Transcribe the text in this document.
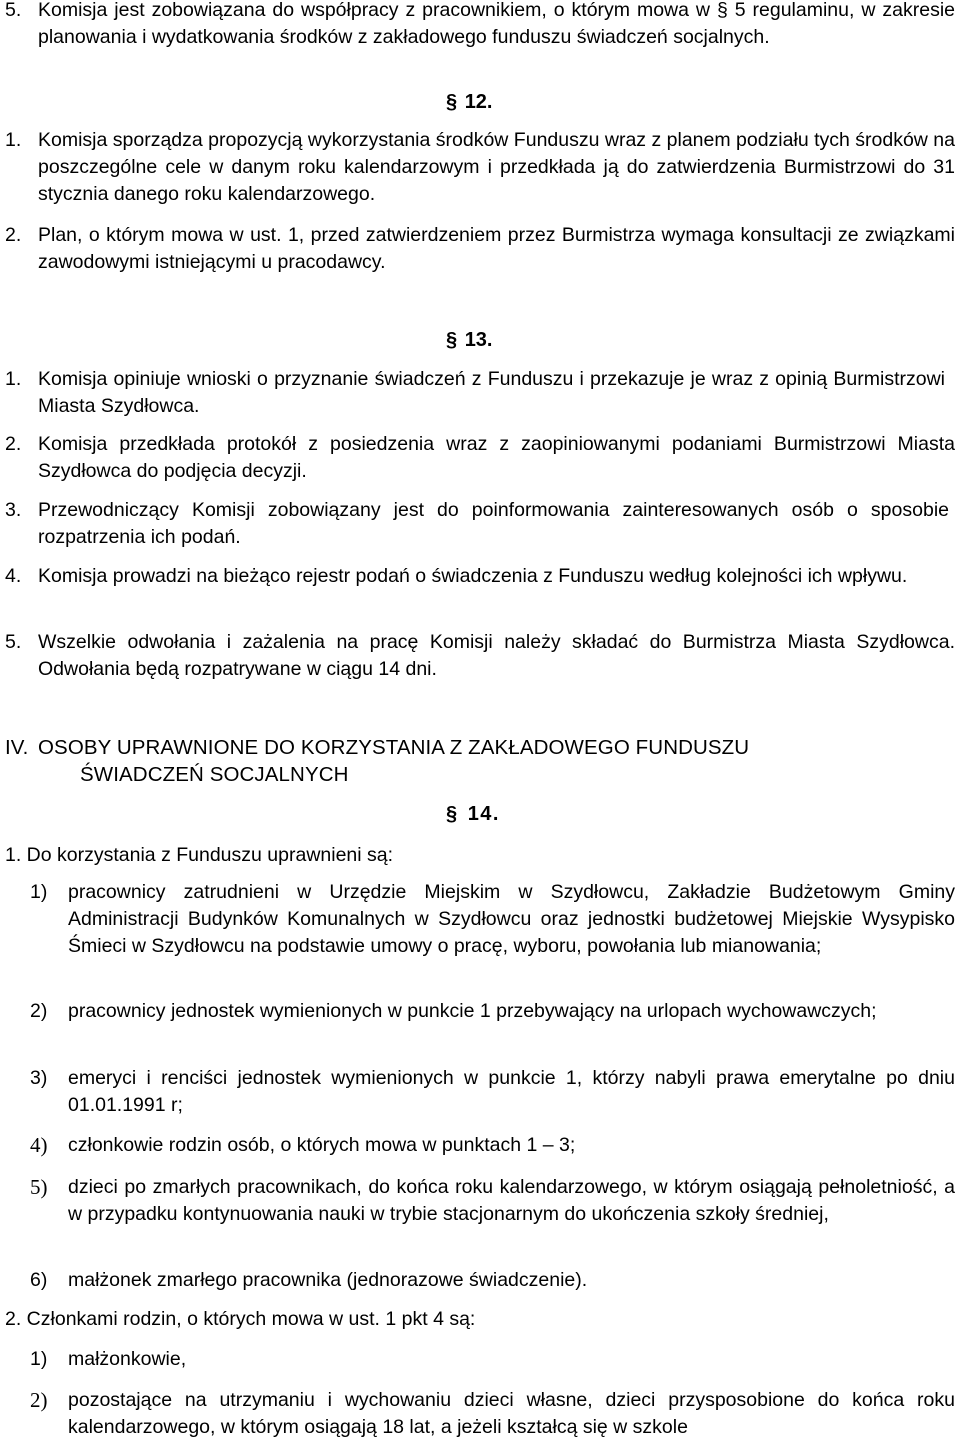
5. Komisja jest zobowiązana do współpracy z pracownikiem, o którym mowa w § 5 regulaminu, w zakresie planowania i wydatkowania środków z zakładowego funduszu świadczeń socjalnych.
§ 12.
1. Komisja sporządza propozycją wykorzystania środków Funduszu wraz z planem podziału tych środków na poszczególne cele w danym roku kalendarzowym i przedkłada ją do zatwierdzenia Burmistrzowi do 31 stycznia danego roku kalendarzowego.
2. Plan, o którym mowa w ust. 1, przed zatwierdzeniem przez Burmistrza wymaga konsultacji ze związkami zawodowymi istniejącymi u pracodawcy.
§ 13.
1. Komisja opiniuje wnioski o przyznanie świadczeń z Funduszu i przekazuje je wraz z opinią Burmistrzowi Miasta Szydłowca.
2. Komisja przedkłada protokół z posiedzenia wraz z zaopiniowanymi podaniami Burmistrzowi Miasta Szydłowca do podjęcia decyzji.
3. Przewodniczący Komisji zobowiązany jest do poinformowania zainteresowanych osób o sposobie rozpatrzenia ich podań.
4. Komisja prowadzi na bieżąco rejestr podań o świadczenia z Funduszu według kolejności ich wpływu.
5. Wszelkie odwołania i zażalenia na pracę Komisji należy składać do Burmistrza Miasta Szydłowca. Odwołania będą rozpatrywane w ciągu 14 dni.
IV. OSOBY UPRAWNIONE DO KORZYSTANIA Z ZAKŁADOWEGO FUNDUSZU
ŚWIADCZEŃ SOCJALNYCH
§ 14.
1. Do korzystania z Funduszu uprawnieni są:
1)	pracownicy zatrudnieni w Urzędzie Miejskim w Szydłowcu, Zakładzie Budżetowym Gminy Administracji Budynków Komunalnych w Szydłowcu oraz jednostki budżetowej Miejskie Wysypisko Śmieci w Szydłowcu na podstawie umowy o pracę, wyboru, powołania lub mianowania;
2)	pracownicy jednostek wymienionych w punkcie 1 przebywający na urlopach wychowawczych;
3)	emeryci i renciści jednostek wymienionych w punkcie 1, którzy nabyli prawa emerytalne po dniu 01.01.1991 r;
4)	członkowie rodzin osób, o których mowa w punktach 1 – 3;
5)	dzieci po zmarłych pracownikach, do końca roku kalendarzowego, w którym osiągają pełnoletniość, a w przypadku kontynuowania nauki w trybie stacjonarnym do ukończenia szkoły średniej,
6)	małżonek zmarłego pracownika (jednorazowe świadczenie).
2. Członkami rodzin, o których mowa w ust. 1 pkt 4 są:
1)	małżonkowie,
2)	pozostające na utrzymaniu i wychowaniu dzieci własne, dzieci przysposobione do końca roku kalendarzowego, w którym osiągają 18 lat, a jeżeli kształcą się w szkole
